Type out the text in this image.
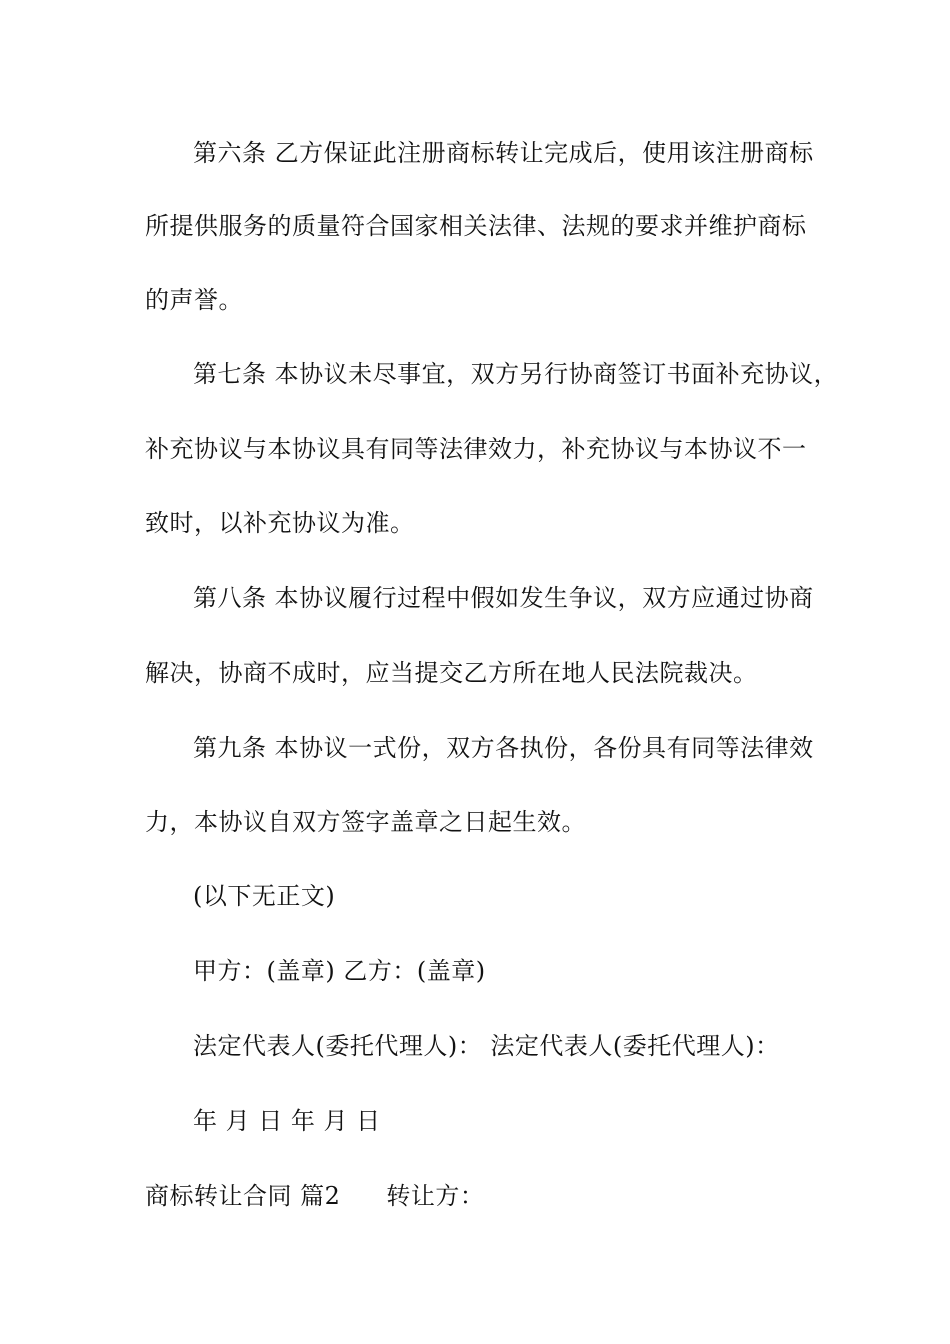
第六条 乙方保证此注册商标转让完成后，使用该注册商标
所提供服务的质量符合国家相关法律、法规的要求并维护商标
的声誉。
第七条 本协议未尽事宜，双方另行协商签订书面补充协议，
补充协议与本协议具有同等法律效力，补充协议与本协议不一
致时，以补充协议为准。
第八条 本协议履行过程中假如发生争议，双方应通过协商
解决，协商不成时，应当提交乙方所在地人民法院裁决。
第九条 本协议一式份，双方各执份，各份具有同等法律效
力，本协议自双方签字盖章之日起生效。
(以下无正文)
甲方：(盖章) 乙方：(盖章)
法定代表人(委托代理人)： 法定代表人(委托代理人)：
年 月 日 年 月 日
商标转让合同 篇2 转让方：
